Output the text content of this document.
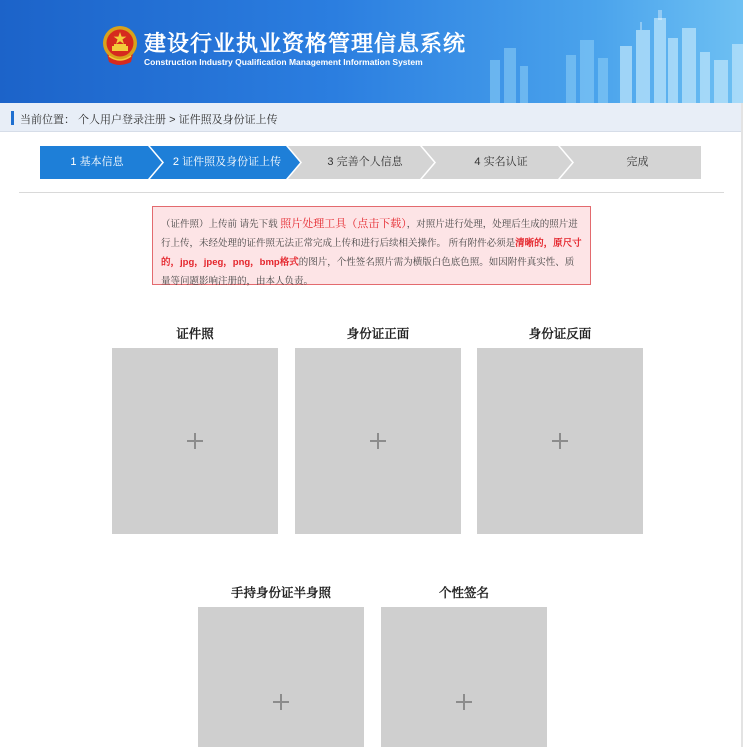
建设行业执业资格管理信息系统
Construction Industry Qualification Management Information System
当前位置： 个人用户登录注册 > 证件照及身份证上传
1 基本信息	2 证件照及身份证上传	3 完善个人信息	4 实名认证	完成
（证件照）上传前 请先下载 照片处理工具（点击下载），对照片进行处理，处理后生成的照片进行上传，未经处理的证件照无法正常完成上传和进行后续相关操作。 所有附件必须是清晰的，原尺寸的，jpg，jpeg，png，bmp格式的图片，个性签名照片需为横版白色底色照。如因附件真实性、质量等问题影响注册的，由本人负责。
证件照	身份证正面	身份证反面
手持身份证半身照	个性签名
